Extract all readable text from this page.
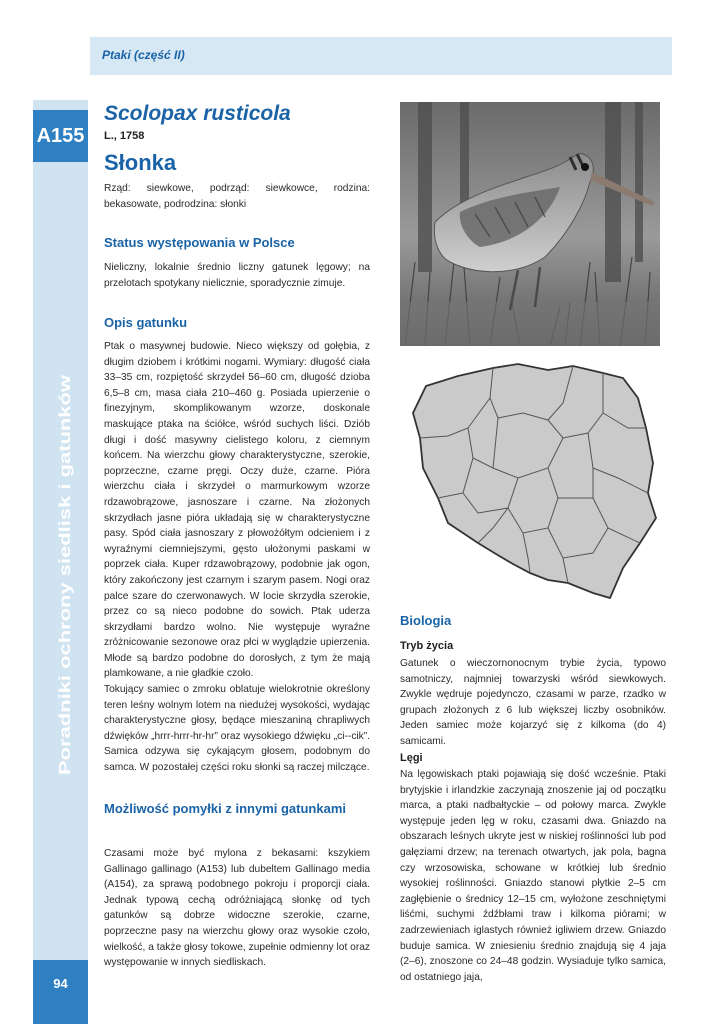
Ptaki (część II)
A155
Poradniki ochrony siedlisk i gatunków
94
Scolopax rusticola
L., 1758
Słonka
Rząd: siewkowe, podrząd: siewkowce, rodzina: bekasowate, podrodzina: słonki
Status występowania w Polsce
Nieliczny, lokalnie średnio liczny gatunek lęgowy; na przelotach spotykany nielicznie, sporadycznie zimuje.
Opis gatunku

Ptak o masywnej budowie. Nieco większy od gołębia, z długim dziobem i krótkimi nogami. Wymiary: długość ciała 33–35 cm, rozpiętość skrzydeł 56–60 cm, długość dzioba 6,5–8 cm, masa ciała 210–460 g. Posiada upierzenie o finezyjnym, skomplikowanym wzorze, doskonale maskujące ptaka na ściółce, wśród suchych liści. Dziób długi i dość masywny cielistego koloru, z ciemnym końcem. Na wierzchu głowy charakterystyczne, szerokie, poprzeczne, czarne pręgi. Oczy duże, czarne. Pióra wierzchu ciała i skrzydeł o marmurkowym wzorze rdzawobrązowe, jasnoszare i czarne. Na złożonych skrzydłach jasne pióra układają się w charakterystyczne pasy. Spód ciała jasnoszary z płowożółtym odcieniem i z wyraźnymi ciemniejszymi, gęsto ułożonymi paskami w poprzek ciała. Kuper rdzawobrązowy, podobnie jak ogon, który zakończony jest czarnym i szarym pasem. Nogi oraz palce szare do czerwonawych. W locie skrzydła szerokie, przez co są nieco podobne do sowich. Ptak uderza skrzydłami bardzo wolno. Nie występuje wyraźne zróżnicowanie sezonowe oraz płci w wyglądzie upierzenia. Młode są bardzo podobne do dorosłych, z tym że mają plamkowane, a nie gładkie czoło.

Tokujący samiec o zmroku oblatuje wielokrotnie określony teren leśny wolnym lotem na niedużej wysokości, wydając charakterystyczne głosy, będące mieszaniną chrapliwych dźwięków „hrrr-hrrr-hr-hr” oraz wysokiego dźwięku „ci--cik”. Samica odzywa się cykającym głosem, podobnym do samca. W pozostałej części roku słonki są raczej milczące.

Możliwość pomyłki z innymi gatunkami
Czasami może być mylona z bekasami: kszykiem Gallinago gallinago (A153) lub dubeltem Gallinago media (A154), za sprawą podobnego pokroju i proporcji ciała. Jednak typową cechą odróżniającą słonkę od tych gatunków są dobrze widoczne szerokie, czarne, poprzeczne pasy na wierzchu głowy oraz wysokie czoło, wielkość, a także głosy tokowe, zupełnie odmienny lot oraz występowanie w innych siedliskach.
Biologia
Tryb życia
Gatunek o wieczornonocnym trybie życia, typowo samotniczy, najmniej towarzyski wśród siewkowych. Zwykle wędruje pojedynczo, czasami w parze, rzadko w grupach złożonych z 6 lub większej liczby osobników. Jeden samiec może kojarzyć się z kilkoma (do 4) samicami.
Lęgi
Na lęgowiskach ptaki pojawiają się dość wcześnie. Ptaki brytyjskie i irlandzkie zaczynają znoszenie jaj od początku marca, a ptaki nadbałtyckie – od połowy marca. Zwykle występuje jeden lęg w roku, czasami dwa. Gniazdo na obszarach leśnych ukryte jest w niskiej roślinności lub pod gałęziami drzew; na terenach otwartych, jak pola, bagna czy wrzosowiska, schowane w krótkiej lub średnio wysokiej roślinności. Gniazdo stanowi płytkie 2–5 cm zagłębienie o średnicy 12–15 cm, wyłożone zeschniętymi liśćmi, suchymi źdźbłami traw i kilkoma piórami; w zadrzewieniach iglastych również igliwiem drzew. Gniazdo buduje samica. W zniesieniu średnio znajdują się 4 jaja (2–6), znoszone co 24–48 godzin. Wysiaduje tylko samica, od ostatniego jaja,
